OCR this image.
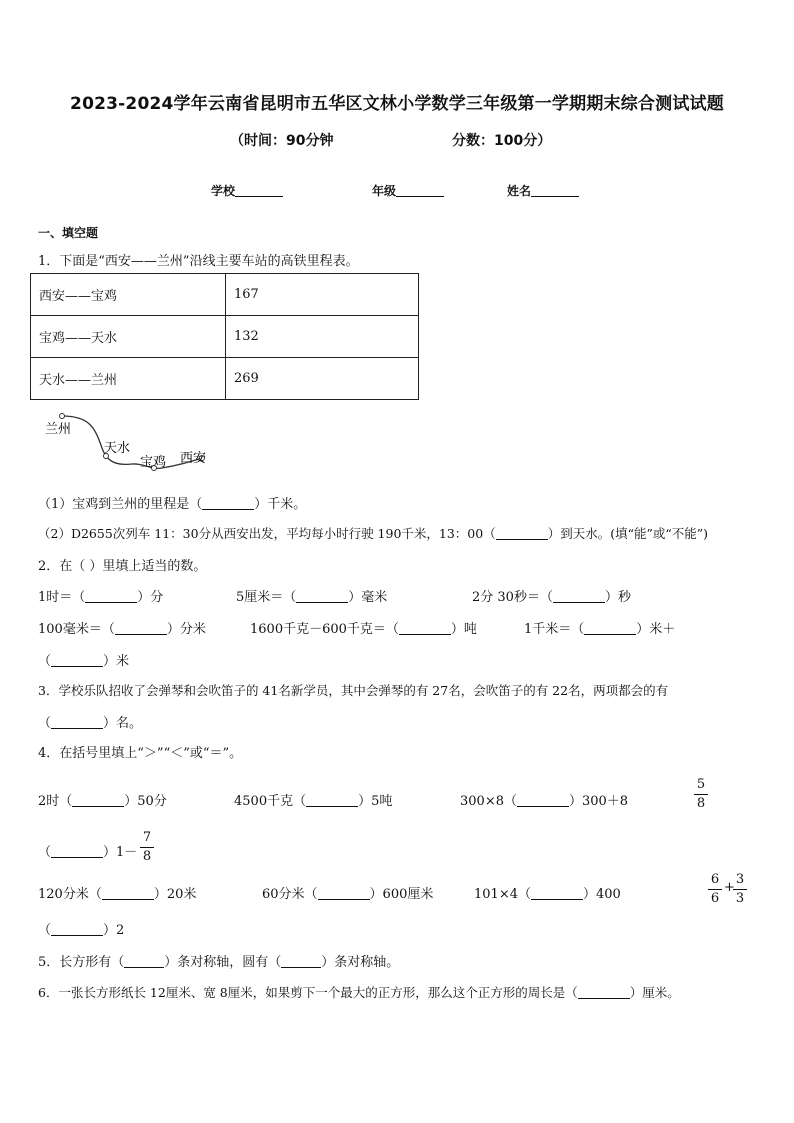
2023-2024学年云南省昆明市五华区文林小学数学三年级第一学期期末综合测试试题
（时间：90分钟	分数：100分）
学校	年级	姓名
一、填空题
1．下面是“西安——兰州”沿线主要车站的高铁里程表。
西安——宝鸡	167
宝鸡——天水	132
天水——兰州	269
兰州
天水
宝鸡 西安
（1）宝鸡到兰州的里程是（	）千米。
（2）D2655次列车 11：30分从西安出发，平均每小时行驶 190千米，13：00（	）到天水。(填“能”或“不能”)
2．在（ ）里填上适当的数。
1时＝（	）分	5厘米＝（	）毫米	2分 30秒＝（	）秒
100毫米＝（	）分米	1600千克－600千克＝（	）吨	1千米＝（	）米＋
（	）米
3．学校乐队招收了会弹琴和会吹笛子的 41名新学员，其中会弹琴的有 27名，会吹笛子的有 22名，两项都会的有
（	）名。
4．在括号里填上“＞”“＜”或“＝”。
2时（	）50分	4500千克（	）5吨	300×8（	）300＋8
5
8
（	）1－
7
8
120分米（	）20米	60分米（	）600厘米	101×4（	）400
6
6
+
3
3
（	）2
5．长方形有（	）条对称轴，圆有（	）条对称轴。
6．一张长方形纸长 12厘米、宽 8厘米，如果剪下一个最大的正方形，那么这个正方形的周长是（	）厘米。
